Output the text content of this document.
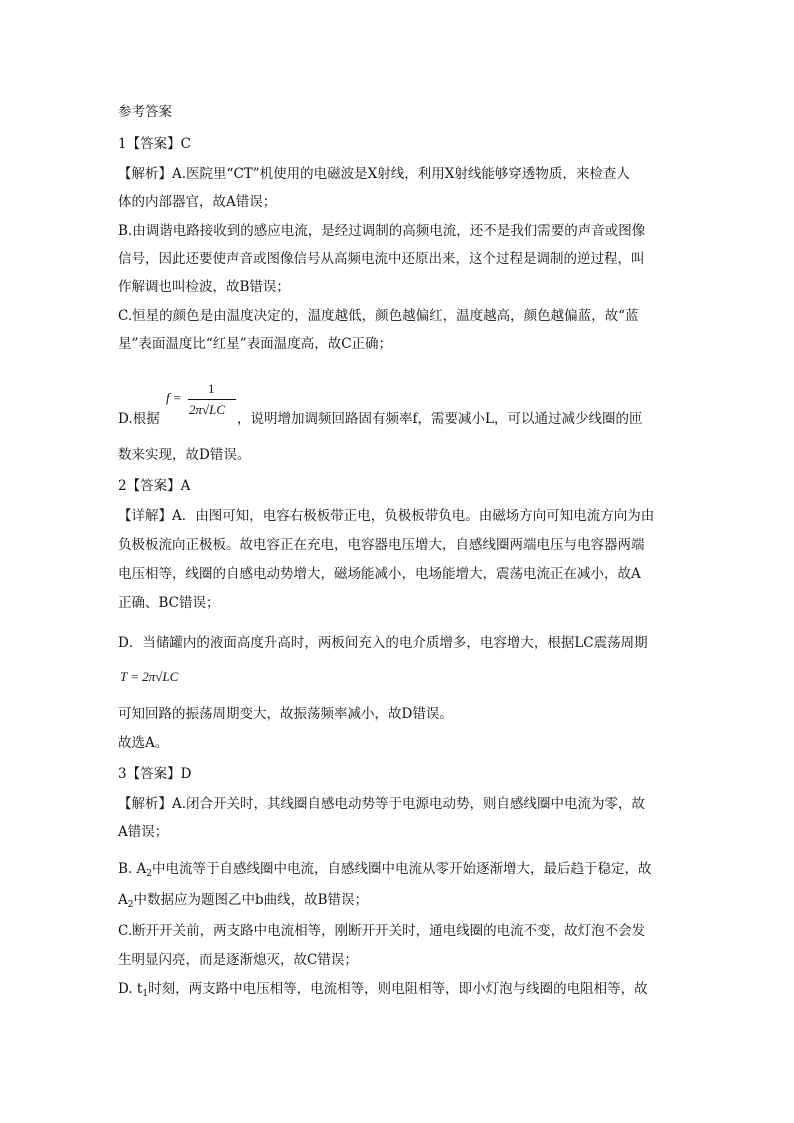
参考答案
1【答案】C
【解析】A.医院里“CT”机使用的电磁波是X射线，利用X射线能够穿透物质，来检查人
体的内部器官，故A错误；
B.由调谐电路接收到的感应电流，是经过调制的高频电流，还不是我们需要的声音或图像
信号，因此还要使声音或图像信号从高频电流中还原出来，这个过程是调制的逆过程，叫
作解调也叫检波，故B错误；
C.恒星的颜色是由温度决定的，温度越低，颜色越偏红，温度越高，颜色越偏蓝，故“蓝
星”表面温度比“红星”表面温度高，故C正确；
f =
1
2π√LC
D.根据	，说明增加调频回路固有频率f，需要减小L，可以通过减少线圈的匝
数来实现，故D错误。
2【答案】A
【详解】A．由图可知，电容右极板带正电，负极板带负电。由磁场方向可知电流方向为由
负极板流向正极板。故电容正在充电，电容器电压增大，自感线圈两端电压与电容器两端
电压相等，线圈的自感电动势增大，磁场能减小，电场能增大，震荡电流正在减小，故A
正确、BC错误；
D．当储罐内的液面高度升高时，两板间充入的电介质增多，电容增大，根据LC震荡周期
T = 2π√LC
可知回路的振荡周期变大，故振荡频率减小，故D错误。
故选A。
3【答案】D
【解析】A.闭合开关时，其线圈自感电动势等于电源电动势，则自感线圈中电流为零，故
A错误；
B. $A_2$中电流等于自感线圈中电流，自感线圈中电流从零开始逐渐增大，最后趋于稳定，故
$A_2$中数据应为题图乙中b曲线，故B错误；
C.断开开关前，两支路中电流相等，刚断开开关时，通电线圈的电流不变，故灯泡不会发
生明显闪亮，而是逐渐熄灭，故C错误；
D. $t_1$时刻，两支路中电压相等，电流相等，则电阻相等，即小灯泡与线圈的电阻相等，故
